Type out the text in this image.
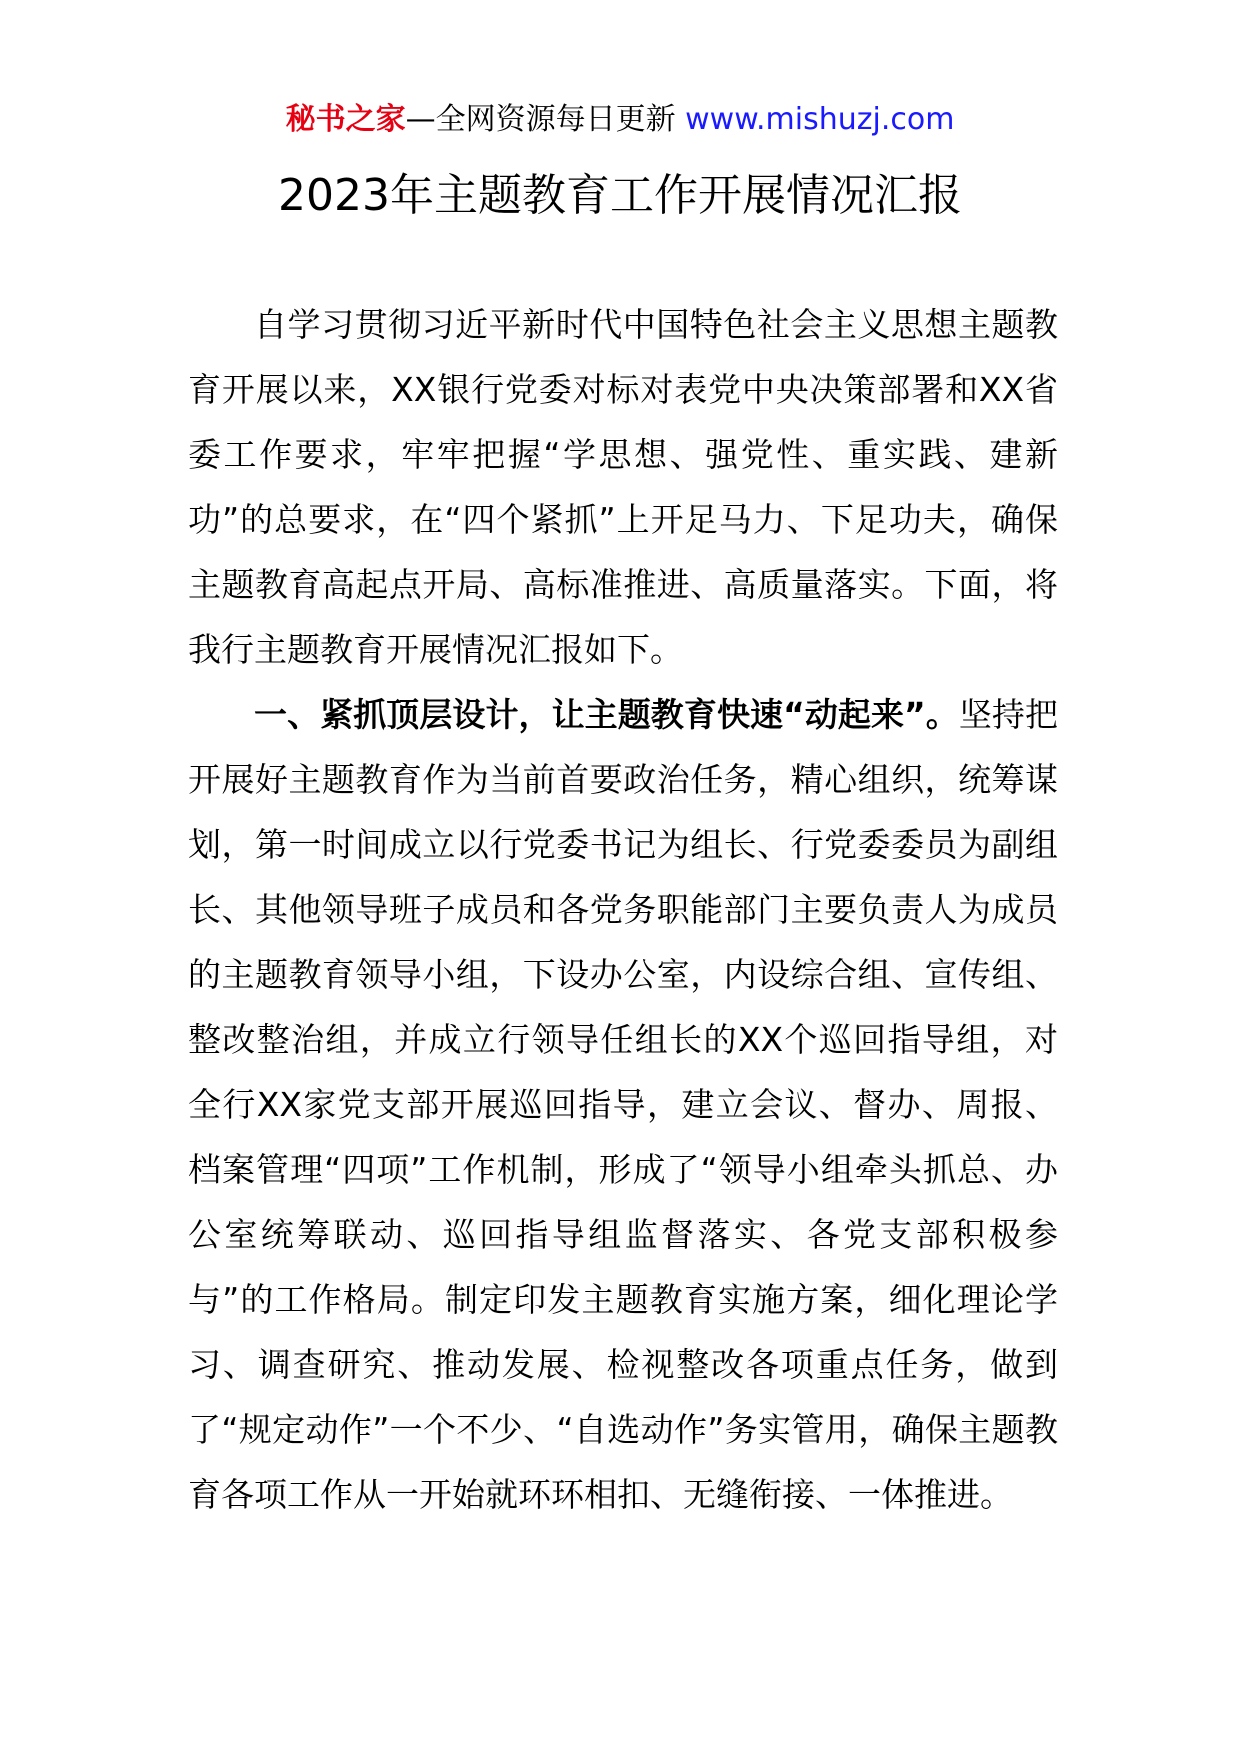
秘书之家—全网资源每日更新 www.mishuzj.com
2023年主题教育工作开展情况汇报

自学习贯彻习近平新时代中国特色社会主义思想主题教育开展以来，XX银行党委对标对表党中央决策部署和XX省委工作要求，牢牢把握“学思想、强党性、重实践、建新功”的总要求，在“四个紧抓”上开足马力、下足功夫，确保主题教育高起点开局、高标准推进、高质量落实。下面，将我行主题教育开展情况汇报如下。

一、紧抓顶层设计，让主题教育快速“动起来”。坚持把开展好主题教育作为当前首要政治任务，精心组织，统筹谋划，第一时间成立以行党委书记为组长、行党委委员为副组长、其他领导班子成员和各党务职能部门主要负责人为成员的主题教育领导小组，下设办公室，内设综合组、宣传组、整改整治组，并成立行领导任组长的XX个巡回指导组，对全行XX家党支部开展巡回指导，建立会议、督办、周报、档案管理“四项”工作机制，形成了“领导小组牵头抓总、办公室统筹联动、巡回指导组监督落实、各党支部积极参与”的工作格局。制定印发主题教育实施方案，细化理论学习、调查研究、推动发展、检视整改各项重点任务，做到了“规定动作”一个不少、“自选动作”务实管用，确保主题教育各项工作从一开始就环环相扣、无缝衔接、一体推进。
